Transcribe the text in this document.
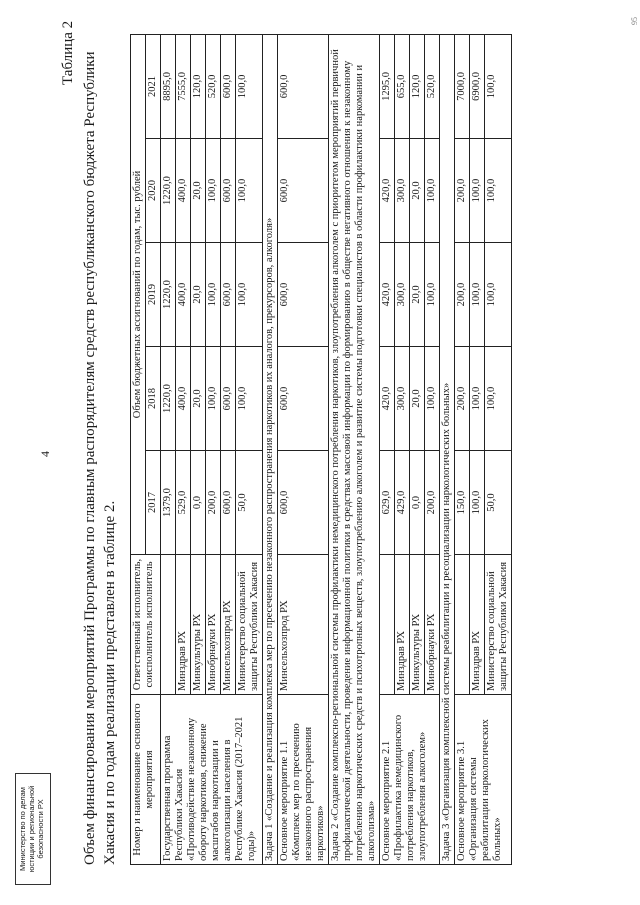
4
Таблица 2 Объем финансирования мероприятий Программы по главным распорядителям средств республиканского бюджета Республики Хакасия и по годам реализации представлен в таблице 2. Номер и наименование основного мероприятия	Ответственный исполнитель, соисполнитель исполнитель	Объем бюджетных ассигнований по годам, тыс. рублей				
		2017	2018	2019	2020	2021
Государственная программа Республики Хакасия «Противодействие незаконному обороту наркотиков, снижение масштабов наркотизации и алкоголизации населения в Республике Хакасия (2017–2021 годы)»		1379,0	1220,0	1220,0	1220,0	8895,0
	Минздрав РХ	529,0	400,0	400,0	400,0	7555,0
	Минкультуры РХ	0,0	20,0	20,0	20,0	120,0
	Минобрнауки РХ	200,0	100,0	100,0	100,0	520,0
	Минсельхозпрод РХ	600,0	600,0	600,0	600,0	600,0
	Министерство социальной защиты Республики Хакасия	50,0	100,0	100,0	100,0	100,0
Задача 1 «Создание и реализация комплекса мер по пресечению незаконного распространения наркотиков их аналогов, прекурсоров, алкоголя»						
Основное мероприятие 1.1 «Комплекс мер по пресечению незаконного распространения наркотиков»	Минсельхозпрод РХ	600,0	600,0	600,0	600,0	600,0
Задача 2 «Создание комплексно-региональной системы профилактики немедицинского потребления наркотиков, злоупотребления алкоголем с приоритетом мероприятий первичной профилактической деятельности, проведение информационной политики в средствах массовой информации по формированию в обществе негативного отношения к незаконному потреблению наркотических средств и психотропных веществ, злоупотреблению алкоголем и развитие системы подготовки специалистов в области профилактики наркомании и алкоголизма»						
Основное мероприятие 2.1 «Профилактика немедицинского потребления наркотиков, злоупотребления алкоголем»		629,0	420,0	420,0	420,0	1295,0
	Минздрав РХ	429,0	300,0	300,0	300,0	655,0
	Минкультуры РХ	0,0	20,0	20,0	20,0	120,0
	Минобрнауки РХ	200,0	100,0	100,0	100,0	520,0
Задача 3 «Организация комплексной системы реабилитации и ресоциализации наркологических больных»						
Основное мероприятие 3.1 «Организация системы реабилитации наркологических больных»		150,0	200,0	200,0	200,0	7000,0
	Минздрав РХ	100,0	100,0	100,0	100,0	6900,0
	Министерство социальной защиты Республики Хакасия	50,0	100,0	100,0	100,0	100,0
Министерство по делам юстиции и региональной безопасности РХ
95
